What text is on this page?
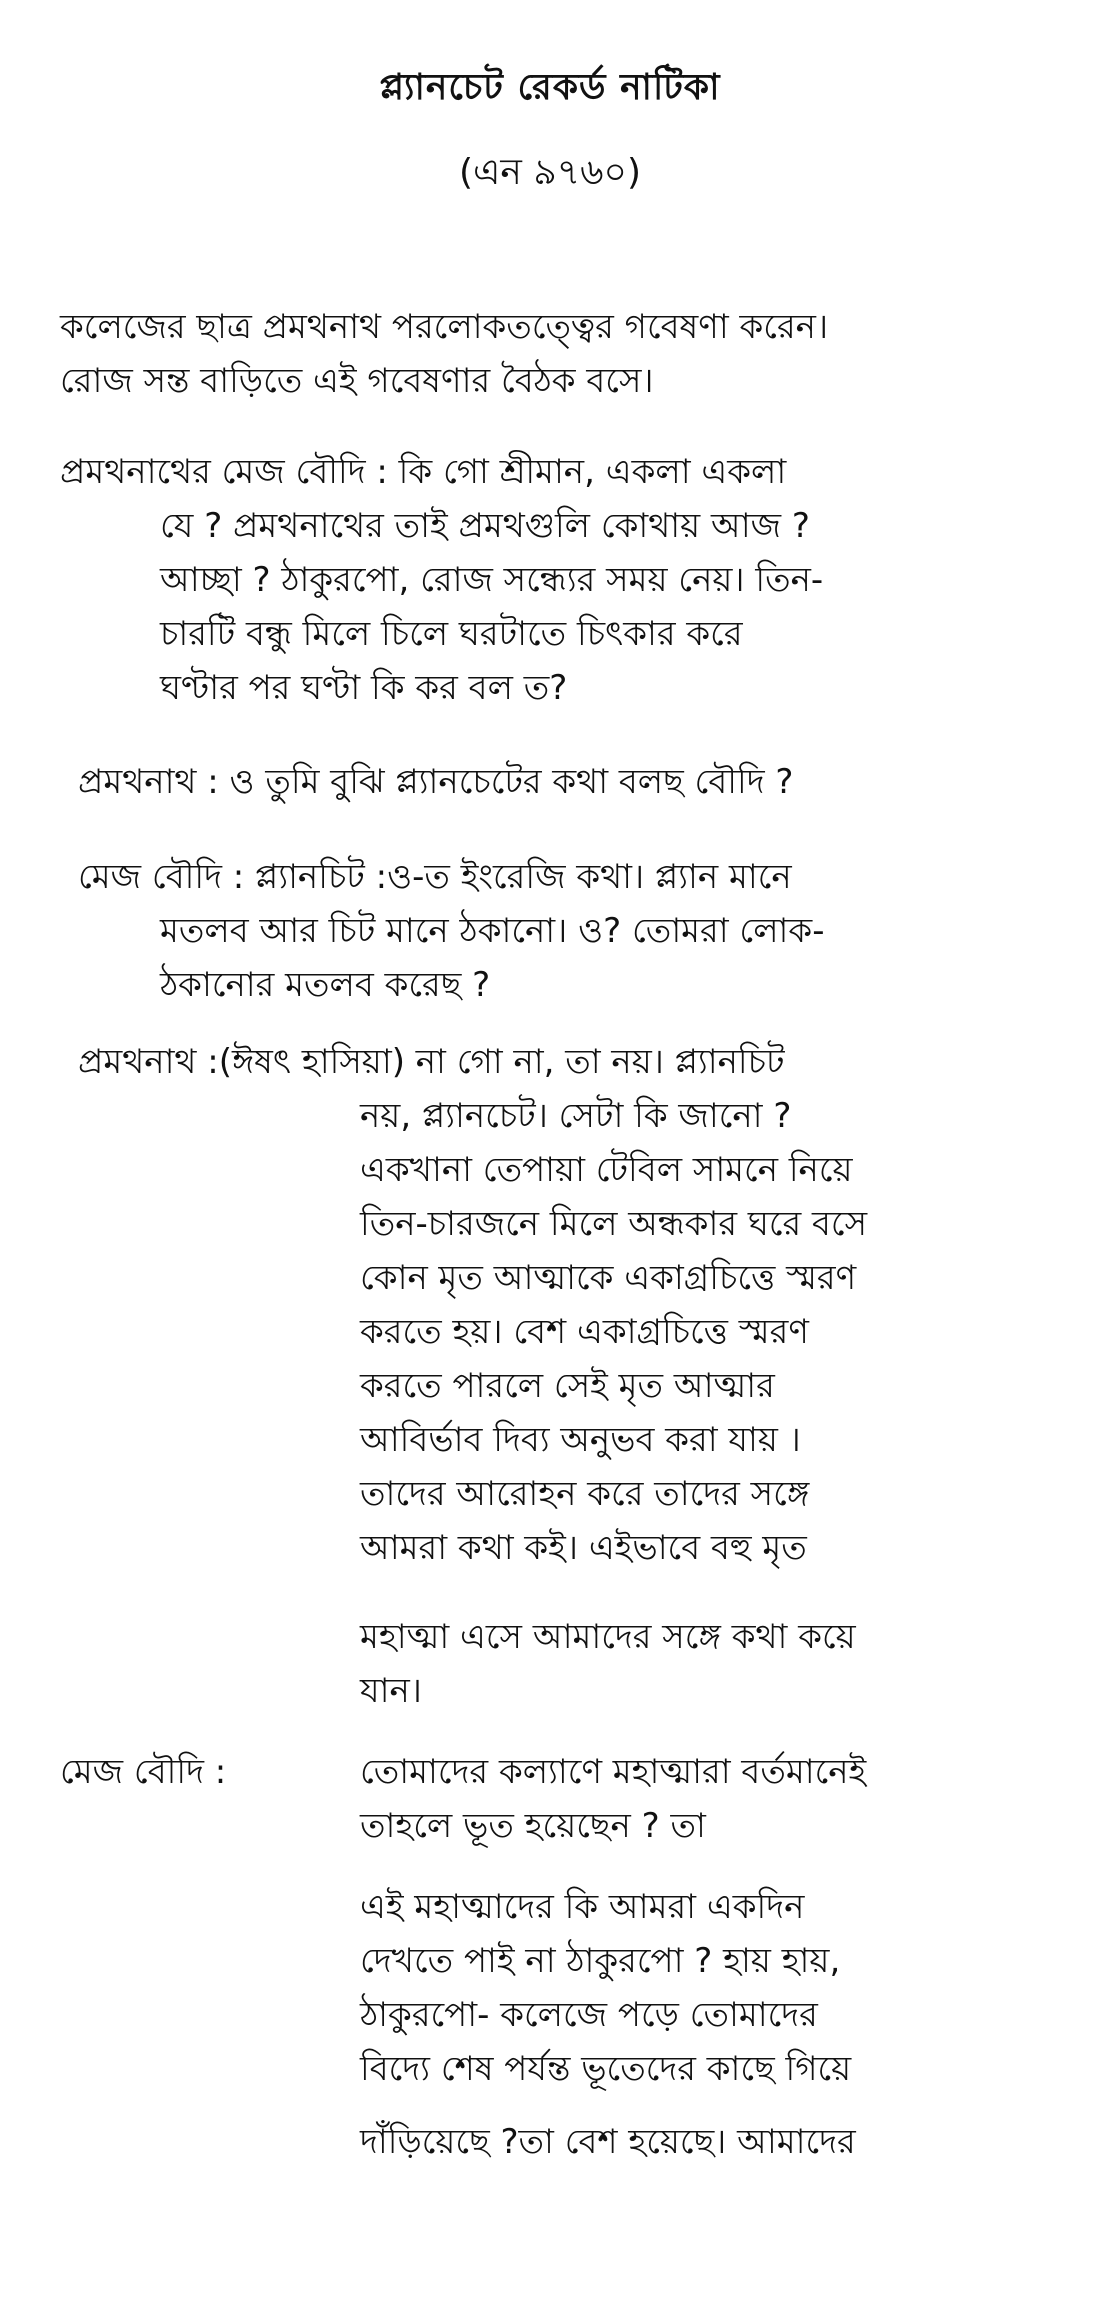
প্ল্যানচেট রেকর্ড নাটিকা
(এন ৯৭৬০)
কলেজের ছাত্র প্রমথনাথ পরলোকতত্ত্বের গবেষণা করেন।
রোজ সন্ত বাড়িতে এই গবেষণার বৈঠক বসে।
প্রমথনাথের মেজ বৌদি : কি গো শ্রীমান, একলা একলা
যে ? প্রমথনাথের তাই প্রমথগুলি কোথায় আজ ?
আচ্ছা ? ঠাকুরপো, রোজ সন্ধ্যের সময় নেয়। তিন-
চারটি বন্ধু মিলে চিলে ঘরটাতে চিৎকার করে
ঘণ্টার পর ঘণ্টা কি কর বল ত?
প্রমথনাথ : ও তুমি বুঝি প্ল্যানচেটের কথা বলছ বৌদি ?
মেজ বৌদি : প্ল্যানচিট :ও-ত ইংরেজি কথা। প্ল্যান মানে
মতলব আর চিট মানে ঠকানো। ও? তোমরা লোক-
ঠকানোর মতলব করেছ ?
প্রমথনাথ :(ঈষৎ হাসিয়া) না গো না, তা নয়। প্ল্যানচিট
নয়, প্ল্যানচেট। সেটা কি জানো ?
একখানা তেপায়া টেবিল সামনে নিয়ে
তিন-চারজনে মিলে অন্ধকার ঘরে বসে
কোন মৃত আত্মাকে একাগ্রচিত্তে স্মরণ
করতে হয়। বেশ একাগ্রচিত্তে স্মরণ
করতে পারলে সেই মৃত আত্মার
আবির্ভাব দিব্য অনুভব করা যায় ।
তাদের আরোহন করে তাদের সঙ্গে
আমরা কথা কই। এইভাবে বহু মৃত
মহাত্মা এসে আমাদের সঙ্গে কথা কয়ে
যান।
মেজ বৌদি :	তোমাদের কল্যাণে মহাত্মারা বর্তমানেই
তাহলে ভূত হয়েছেন ? তা
এই মহাত্মাদের কি আমরা একদিন
দেখতে পাই না ঠাকুরপো ? হায় হায়,
ঠাকুরপো- কলেজে পড়ে তোমাদের
বিদ্যে শেষ পর্যন্ত ভূতেদের কাছে গিয়ে
দাঁড়িয়েছে ?তা বেশ হয়েছে। আমাদের
